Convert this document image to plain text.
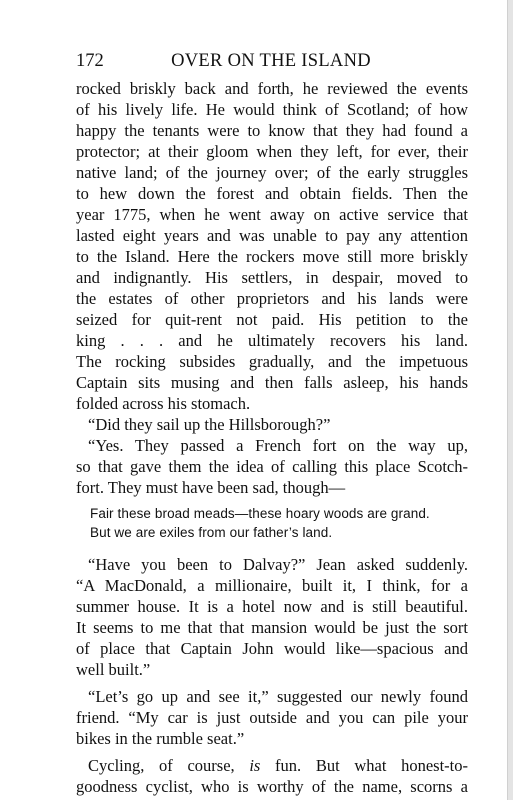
172	OVER ON THE ISLAND
rocked briskly back and forth, he reviewed the events
of his lively life. He would think of Scotland; of how
happy the tenants were to know that they had found a
protector; at their gloom when they left, for ever, their
native land; of the journey over; of the early struggles
to hew down the forest and obtain fields. Then the
year 1775, when he went away on active service that
lasted eight years and was unable to pay any attention
to the Island. Here the rockers move still more briskly
and indignantly. His settlers, in despair, moved to
the estates of other proprietors and his lands were
seized for quit-rent not paid. His petition to the
king . . . and he ultimately recovers his land.
The rocking subsides gradually, and the impetuous
Captain sits musing and then falls asleep, his hands
folded across his stomach.
“Did they sail up the Hillsborough?”
“Yes. They passed a French fort on the way up,
so that gave them the idea of calling this place Scotch-
fort. They must have been sad, though—
Fair these broad meads—these hoary woods are grand.
But we are exiles from our father’s land.
“Have you been to Dalvay?” Jean asked suddenly.
“A MacDonald, a millionaire, built it, I think, for a
summer house. It is a hotel now and is still beautiful.
It seems to me that that mansion would be just the sort
of place that Captain John would like—spacious and
well built.”
“Let’s go up and see it,” suggested our newly found
friend. “My car is just outside and you can pile your
bikes in the rumble seat.”
Cycling, of course, is fun. But what honest-to-
goodness cyclist, who is worthy of the name, scorns a
